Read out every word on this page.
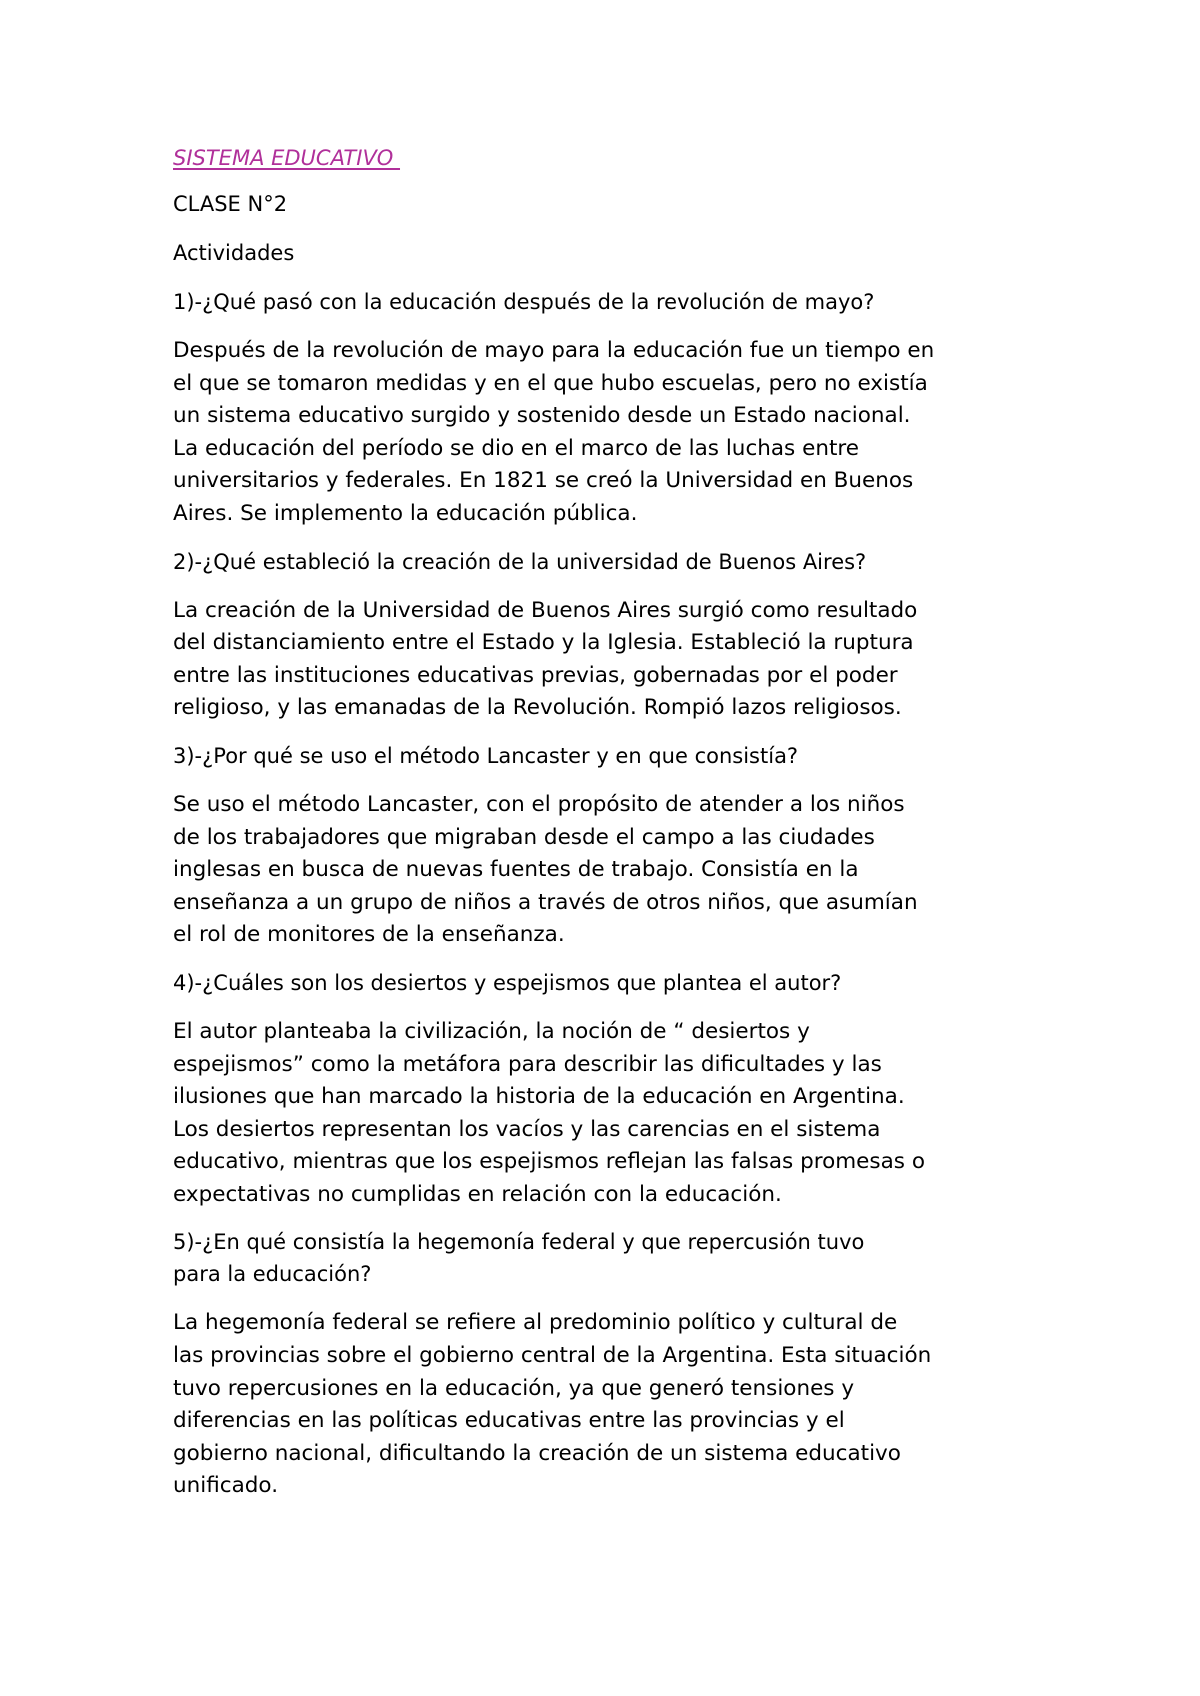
SISTEMA EDUCATIVO
CLASE N°2
Actividades
1)-¿Qué pasó con la educación después de la revolución de mayo?
Después de la revolución de mayo para la educación fue un tiempo en
el que se tomaron medidas y en el que hubo escuelas, pero no existía
un sistema educativo surgido y sostenido desde un Estado nacional.
La educación del período se dio en el marco de las luchas entre
universitarios y federales. En 1821 se creó la Universidad en Buenos
Aires. Se implemento la educación pública.
2)-¿Qué estableció la creación de la universidad de Buenos Aires?
La creación de la Universidad de Buenos Aires surgió como resultado
del distanciamiento entre el Estado y la Iglesia. Estableció la ruptura
entre las instituciones educativas previas, gobernadas por el poder
religioso, y las emanadas de la Revolución. Rompió lazos religiosos.
3)-¿Por qué se uso el método Lancaster y en que consistía?
Se uso el método Lancaster, con el propósito de atender a los niños
de los trabajadores que migraban desde el campo a las ciudades
inglesas en busca de nuevas fuentes de trabajo. Consistía en la
enseñanza a un grupo de niños a través de otros niños, que asumían
el rol de monitores de la enseñanza.
4)-¿Cuáles son los desiertos y espejismos que plantea el autor?
El autor planteaba la civilización, la noción de “ desiertos y
espejismos” como la metáfora para describir las dificultades y las
ilusiones que han marcado la historia de la educación en Argentina.
Los desiertos representan los vacíos y las carencias en el sistema
educativo, mientras que los espejismos reflejan las falsas promesas o
expectativas no cumplidas en relación con la educación.
5)-¿En qué consistía la hegemonía federal y que repercusión tuvo
para la educación?
La hegemonía federal se refiere al predominio político y cultural de
las provincias sobre el gobierno central de la Argentina. Esta situación
tuvo repercusiones en la educación, ya que generó tensiones y
diferencias en las políticas educativas entre las provincias y el
gobierno nacional, dificultando la creación de un sistema educativo
unificado.
